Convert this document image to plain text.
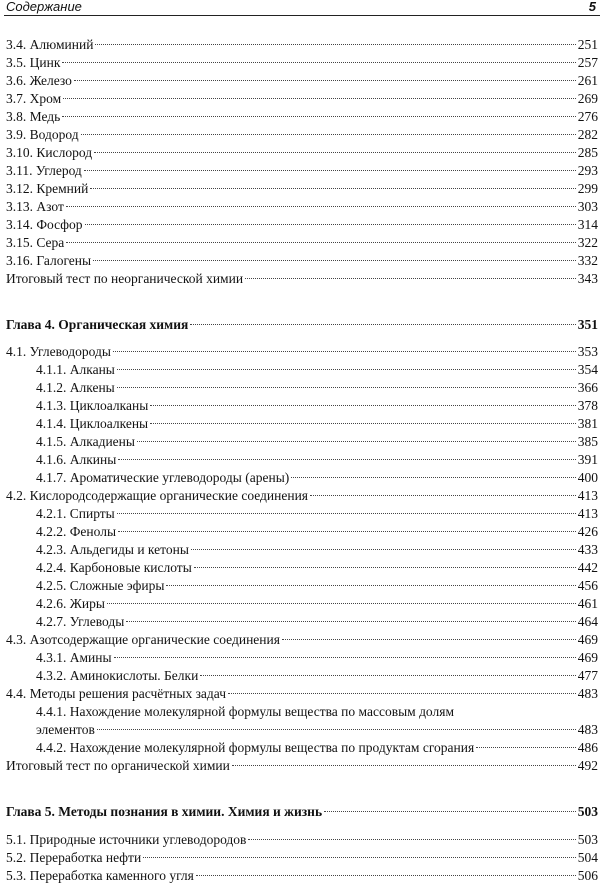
Содержание	5
3.4. Алюминий	251
3.5. Цинк	257
3.6. Железо	261
3.7. Хром	269
3.8. Медь	276
3.9. Водород	282
3.10. Кислород	285
3.11. Углерод	293
3.12. Кремний	299
3.13. Азот	303
3.14. Фосфор	314
3.15. Сера	322
3.16. Галогены	332
Итоговый тест по неорганической химии	343
Глава 4. Органическая химия	351
4.1. Углеводороды	353
4.1.1. Алканы	354
4.1.2. Алкены	366
4.1.3. Циклоалканы	378
4.1.4. Циклоалкены	381
4.1.5. Алкадиены	385
4.1.6. Алкины	391
4.1.7. Ароматические углеводороды (арены)	400
4.2. Кислородсодержащие органические соединения	413
4.2.1. Спирты	413
4.2.2. Фенолы	426
4.2.3. Альдегиды и кетоны	433
4.2.4. Карбоновые кислоты	442
4.2.5. Сложные эфиры	456
4.2.6. Жиры	461
4.2.7. Углеводы	464
4.3. Азотсодержащие органические соединения	469
4.3.1. Амины	469
4.3.2. Аминокислоты. Белки	477
4.4. Методы решения расчётных задач	483
4.4.1. Нахождение молекулярной формулы вещества по массовым долям
элементов	483
4.4.2. Нахождение молекулярной формулы вещества по продуктам сгорания	486
Итоговый тест по органической химии	492
Глава 5. Методы познания в химии. Химия и жизнь	503
5.1. Природные источники углеводородов	503
5.2. Переработка нефти	504
5.3. Переработка каменного угля	506
